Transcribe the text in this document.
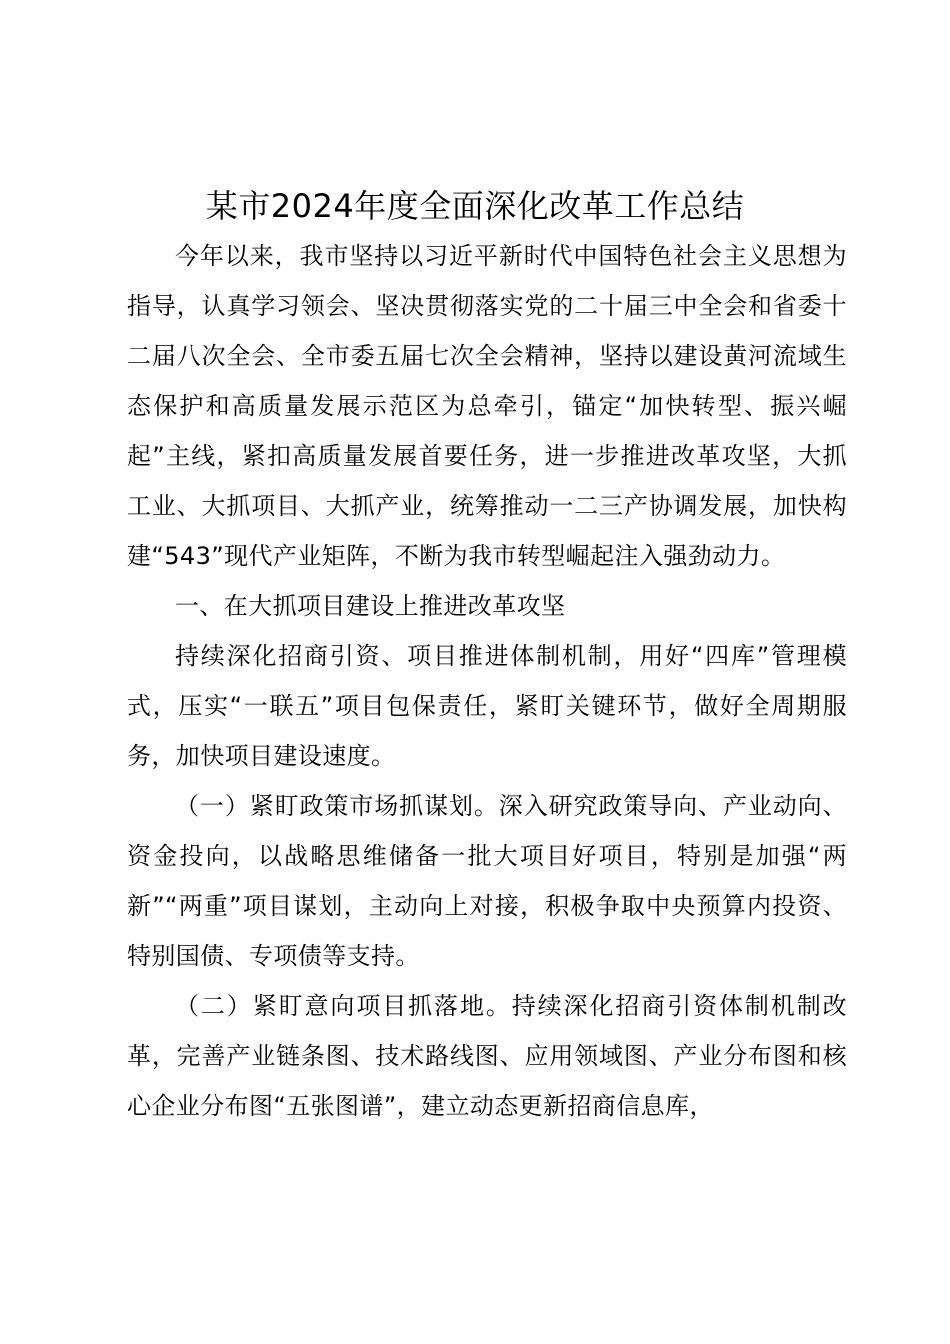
某市2024年度全面深化改革工作总结

今年以来，我市坚持以习近平新时代中国特色社会主义思想为指导，认真学习领会、坚决贯彻落实党的二十届三中全会和省委十二届八次全会、全市委五届七次全会精神，坚持以建设黄河流域生态保护和高质量发展示范区为总牵引，锚定“加快转型、振兴崛起”主线，紧扣高质量发展首要任务，进一步推进改革攻坚，大抓工业、大抓项目、大抓产业，统筹推动一二三产协调发展，加快构建“543”现代产业矩阵，不断为我市转型崛起注入强劲动力。

一、在大抓项目建设上推进改革攻坚

持续深化招商引资、项目推进体制机制，用好“四库”管理模式，压实“一联五”项目包保责任，紧盯关键环节，做好全周期服务，加快项目建设速度。

（一）紧盯政策市场抓谋划。深入研究政策导向、产业动向、资金投向，以战略思维储备一批大项目好项目，特别是加强“两新”“两重”项目谋划，主动向上对接，积极争取中央预算内投资、特别国债、专项债等支持。

（二）紧盯意向项目抓落地。持续深化招商引资体制机制改革，完善产业链条图、技术路线图、应用领域图、产业分布图和核心企业分布图“五张图谱”，建立动态更新招商信息库，
